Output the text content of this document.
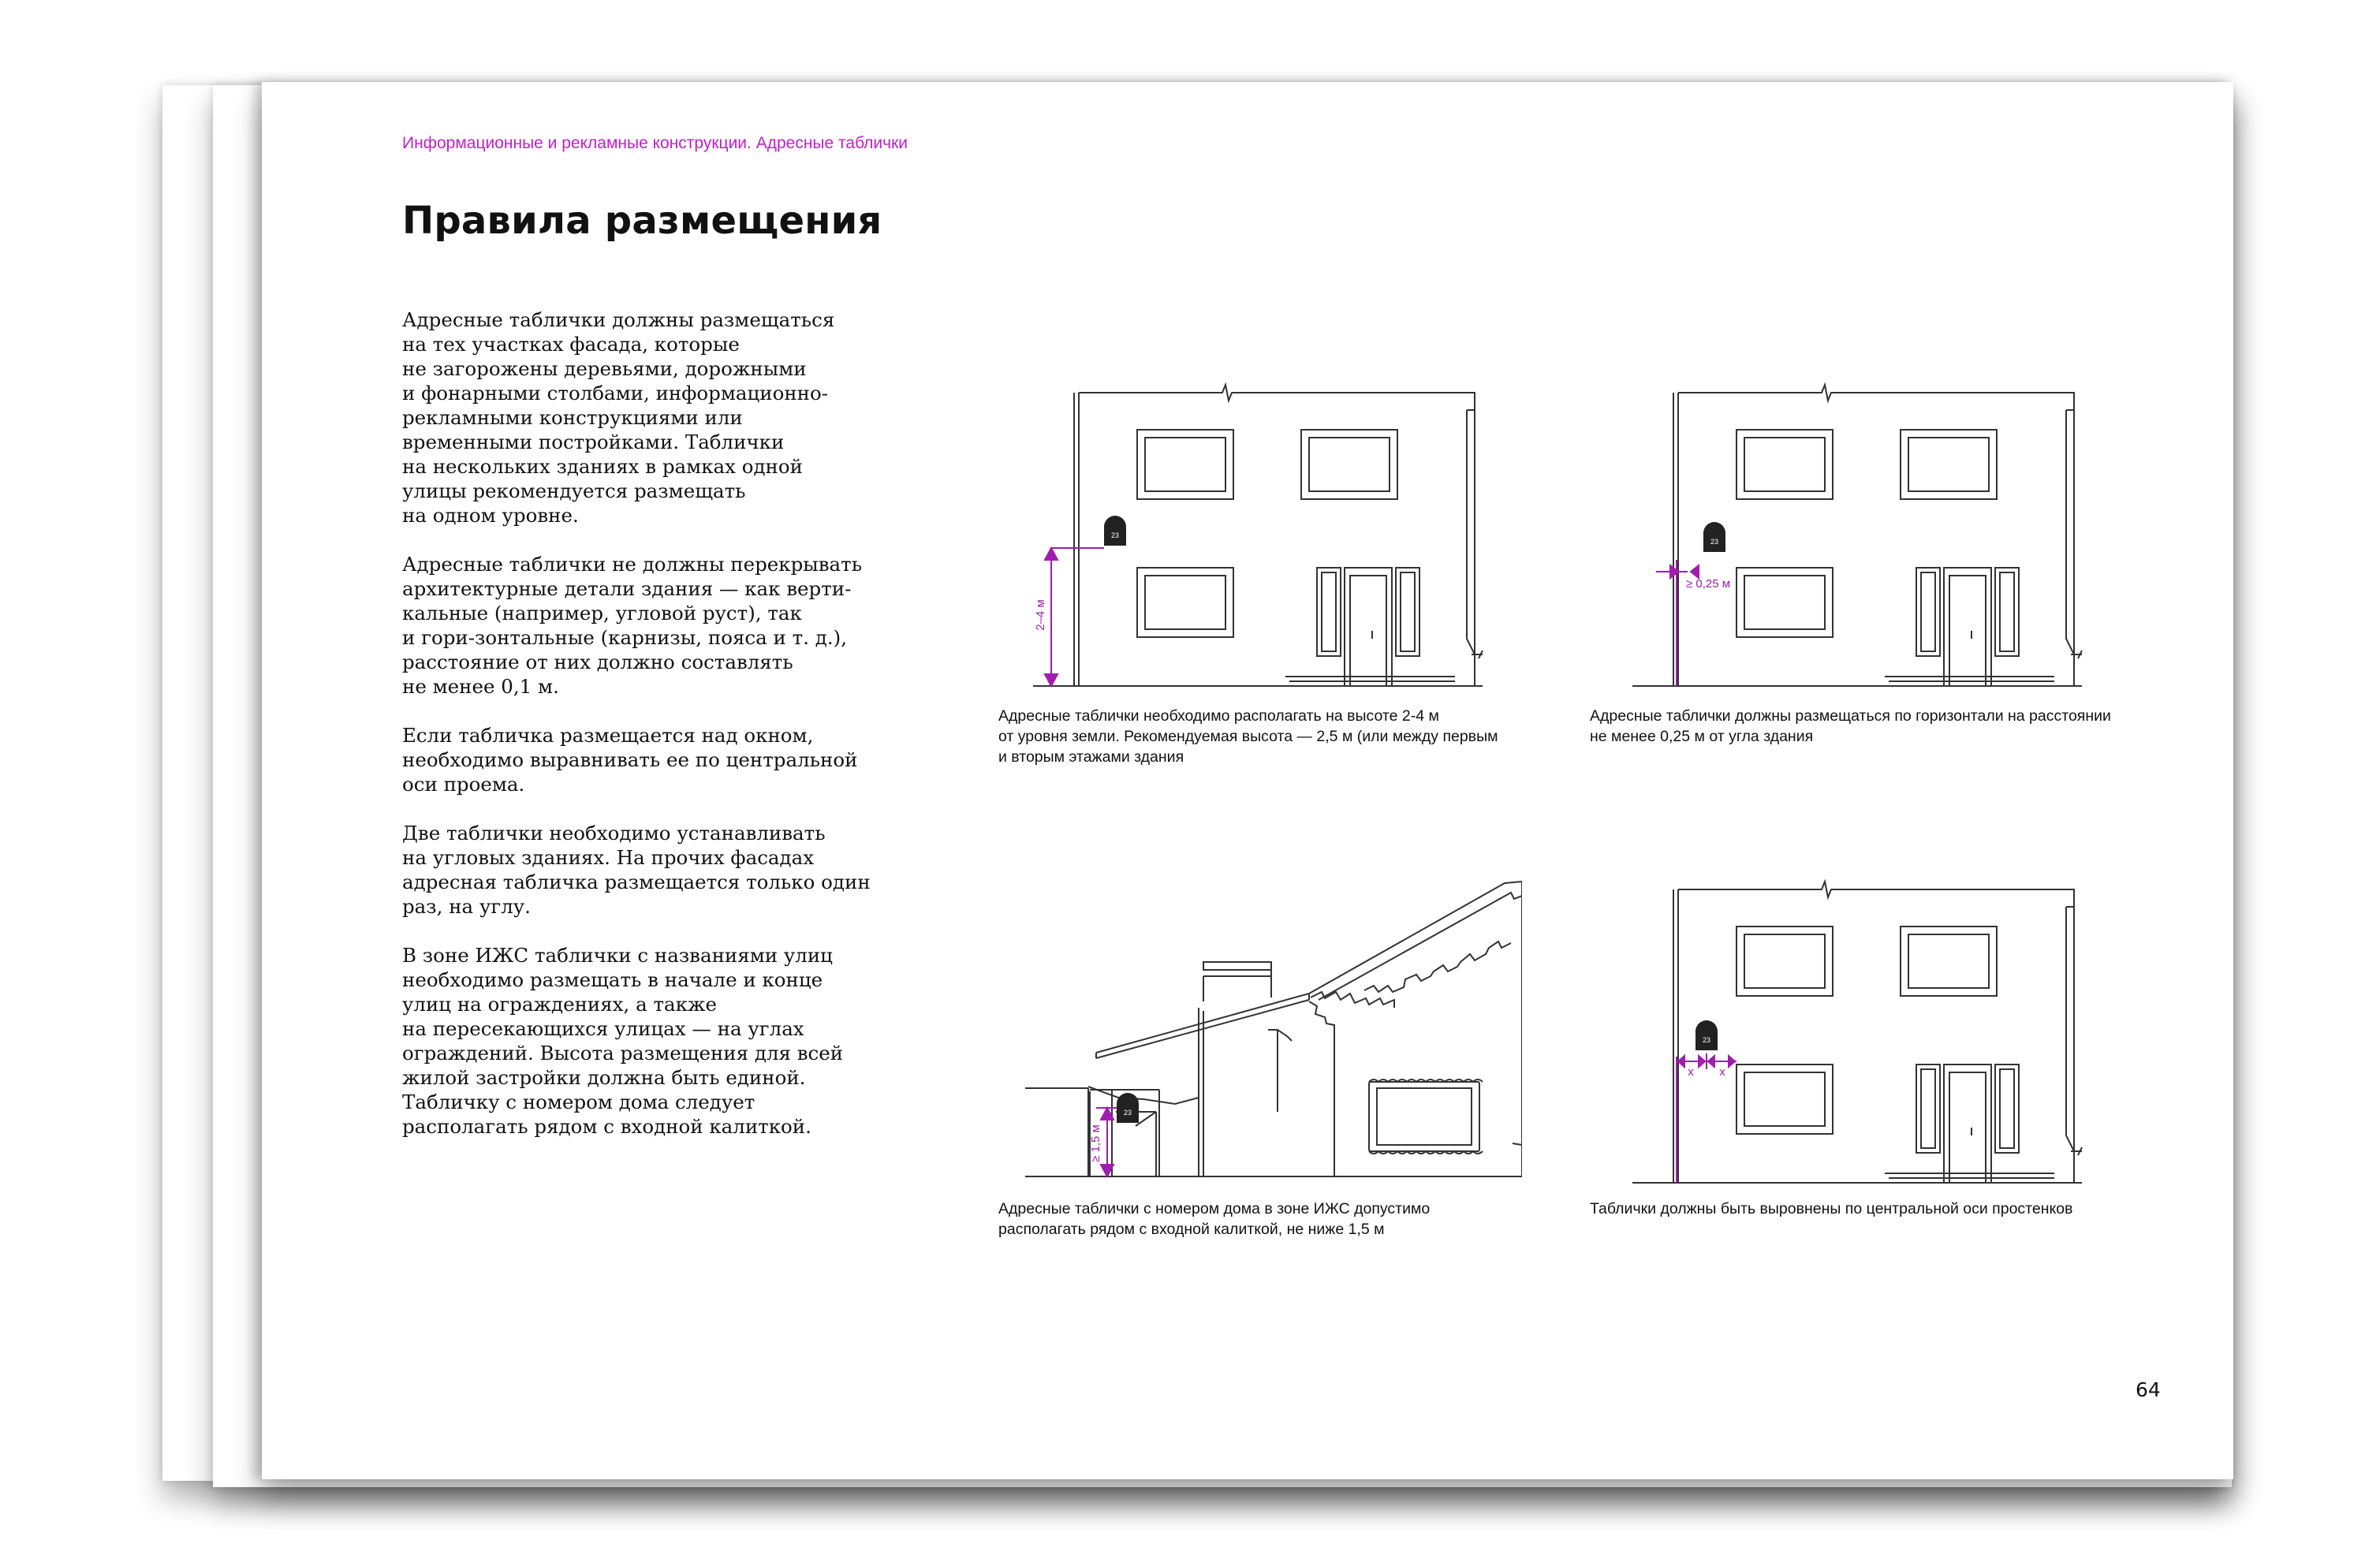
Информационные и рекламные конструкции. Адресные таблички
Правила размещения

Адресные таблички должны размещаться
на тех участках фасада, которые
не загорожены деревьями, дорожными
и фонарными столбами, информационно-
рекламными конструкциями или
временными постройками. Таблички
на нескольких зданиях в рамках одной
улицы рекомендуется размещать
на одном уровне.

Адресные таблички не должны перекрывать
архитектурные детали здания — как верти-
кальные (например, угловой руст), так
и гори-зонтальные (карнизы, пояса и т. д.),
расстояние от них должно составлять
не менее 0,1 м.

Если табличка размещается над окном,
необходимо выравнивать ее по центральной
оси проема.

Две таблички необходимо устанавливать
на угловых зданиях. На прочих фасадах
адресная табличка размещается только один
раз, на углу.

В зоне ИЖС таблички с названиями улиц
необходимо размещать в начале и конце
улиц на ограждениях, а также
на пересекающихся улицах — на углах
ограждений. Высота размещения для всей
жилой застройки должна быть единой.
Табличку с номером дома следует
располагать рядом с входной калиткой.

2–4 м
23
Адресные таблички необходимо располагать на высоте 2-4 м
от уровня земли. Рекомендуемая высота — 2,5 м (или между первым
и вторым этажами здания
≥ 0,25 м
23
Адресные таблички должны размещаться по горизонтали на расстоянии
не менее 0,25 м от угла здания
≥ 1,5 м
23
Адресные таблички с номером дома в зоне ИЖС допустимо
располагать рядом с входной калиткой, не ниже 1,5 м
x x
23
Таблички должны быть выровнены по центральной оси простенков
64
